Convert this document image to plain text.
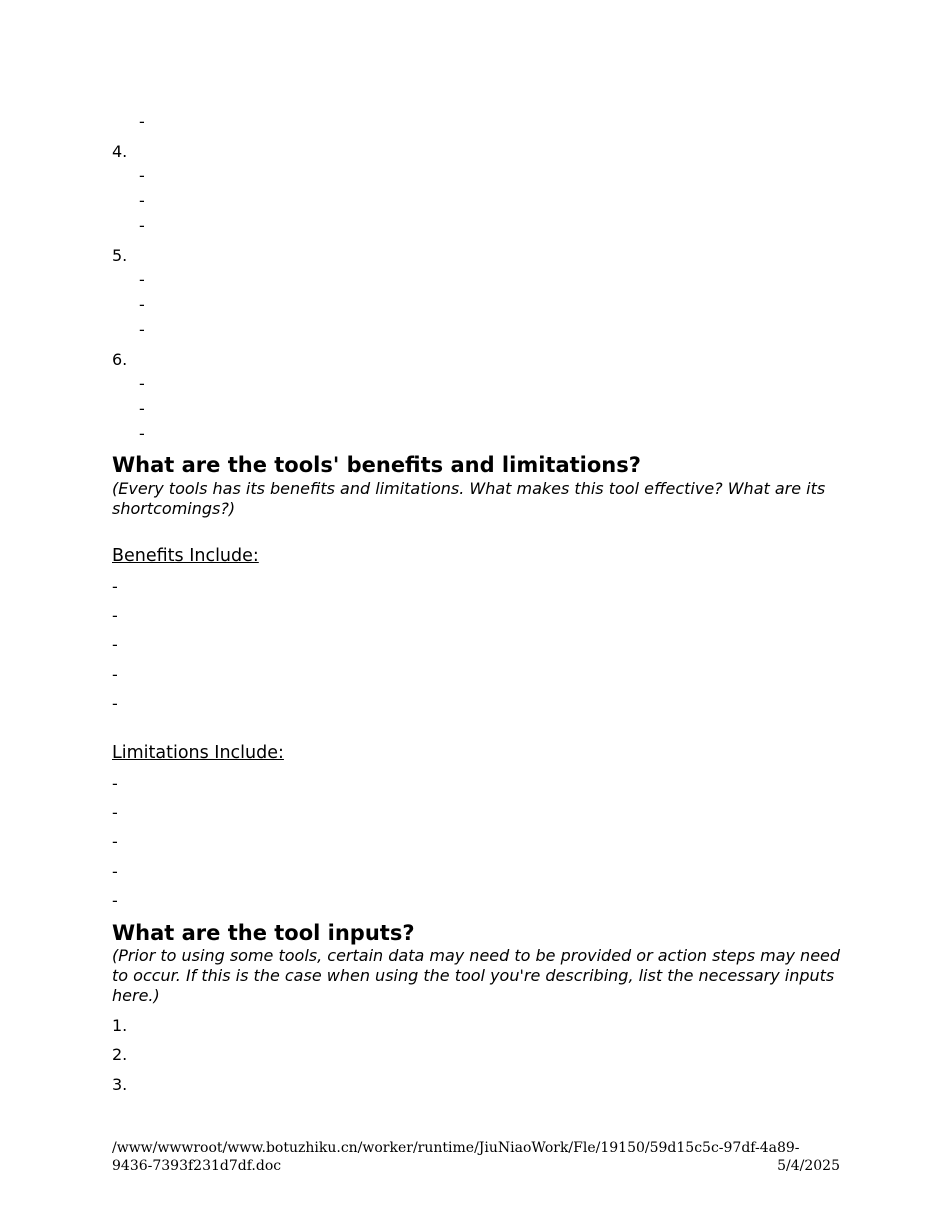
-
4.
-
-
-
5.
-
-
-
6.
-
-
-
What are the tools' benefits and limitations?

(Every tools has its benefits and limitations. What makes this tool effective? What are its shortcomings?)

Benefits Include:
-
-
-
-
-
Limitations Include:
-
-
-
-
-
What are the tool inputs?

(Prior to using some tools, certain data may need to be provided or action steps may need to occur. If this is the case when using the tool you're describing, list the necessary inputs here.)

1.
2.
3.
/www/wwwroot/www.botuzhiku.cn/worker/runtime/JiuNiaoWork/Fle/19150/59d15c5c-97df-4a89-9436-7393f231d7df.doc	5/4/2025
